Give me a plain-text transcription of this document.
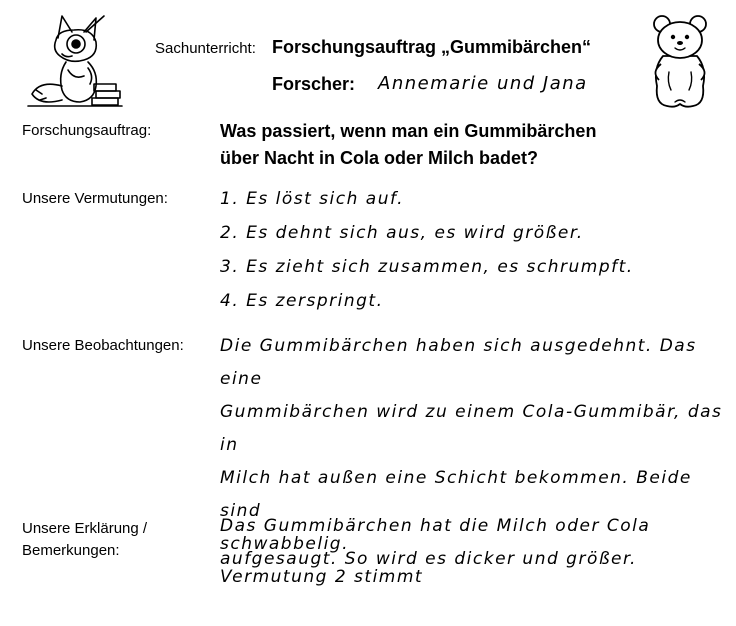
Sachunterricht: Forschungsauftrag „Gummibärchen“
Forscher: Annemarie und Jana
Forschungsauftrag:	Was passiert, wenn man ein Gummibärchen
über Nacht in Cola oder Milch badet?
Unsere Vermutungen:	1. Es löst sich auf.
2. Es dehnt sich aus, es wird größer.
3. Es zieht sich zusammen, es schrumpft.
4. Es zerspringt.
Unsere Beobachtungen: Die Gummibärchen haben sich ausgedehnt. Das eine
Gummibärchen wird zu einem Cola-Gummibär, das in
Milch hat außen eine Schicht bekommen. Beide sind
schwabbelig.
Vermutung 2 stimmt
Unsere Erklärung /
Bemerkungen:
Das Gummibärchen hat die Milch oder Cola
aufgesaugt. So wird es dicker und größer.
